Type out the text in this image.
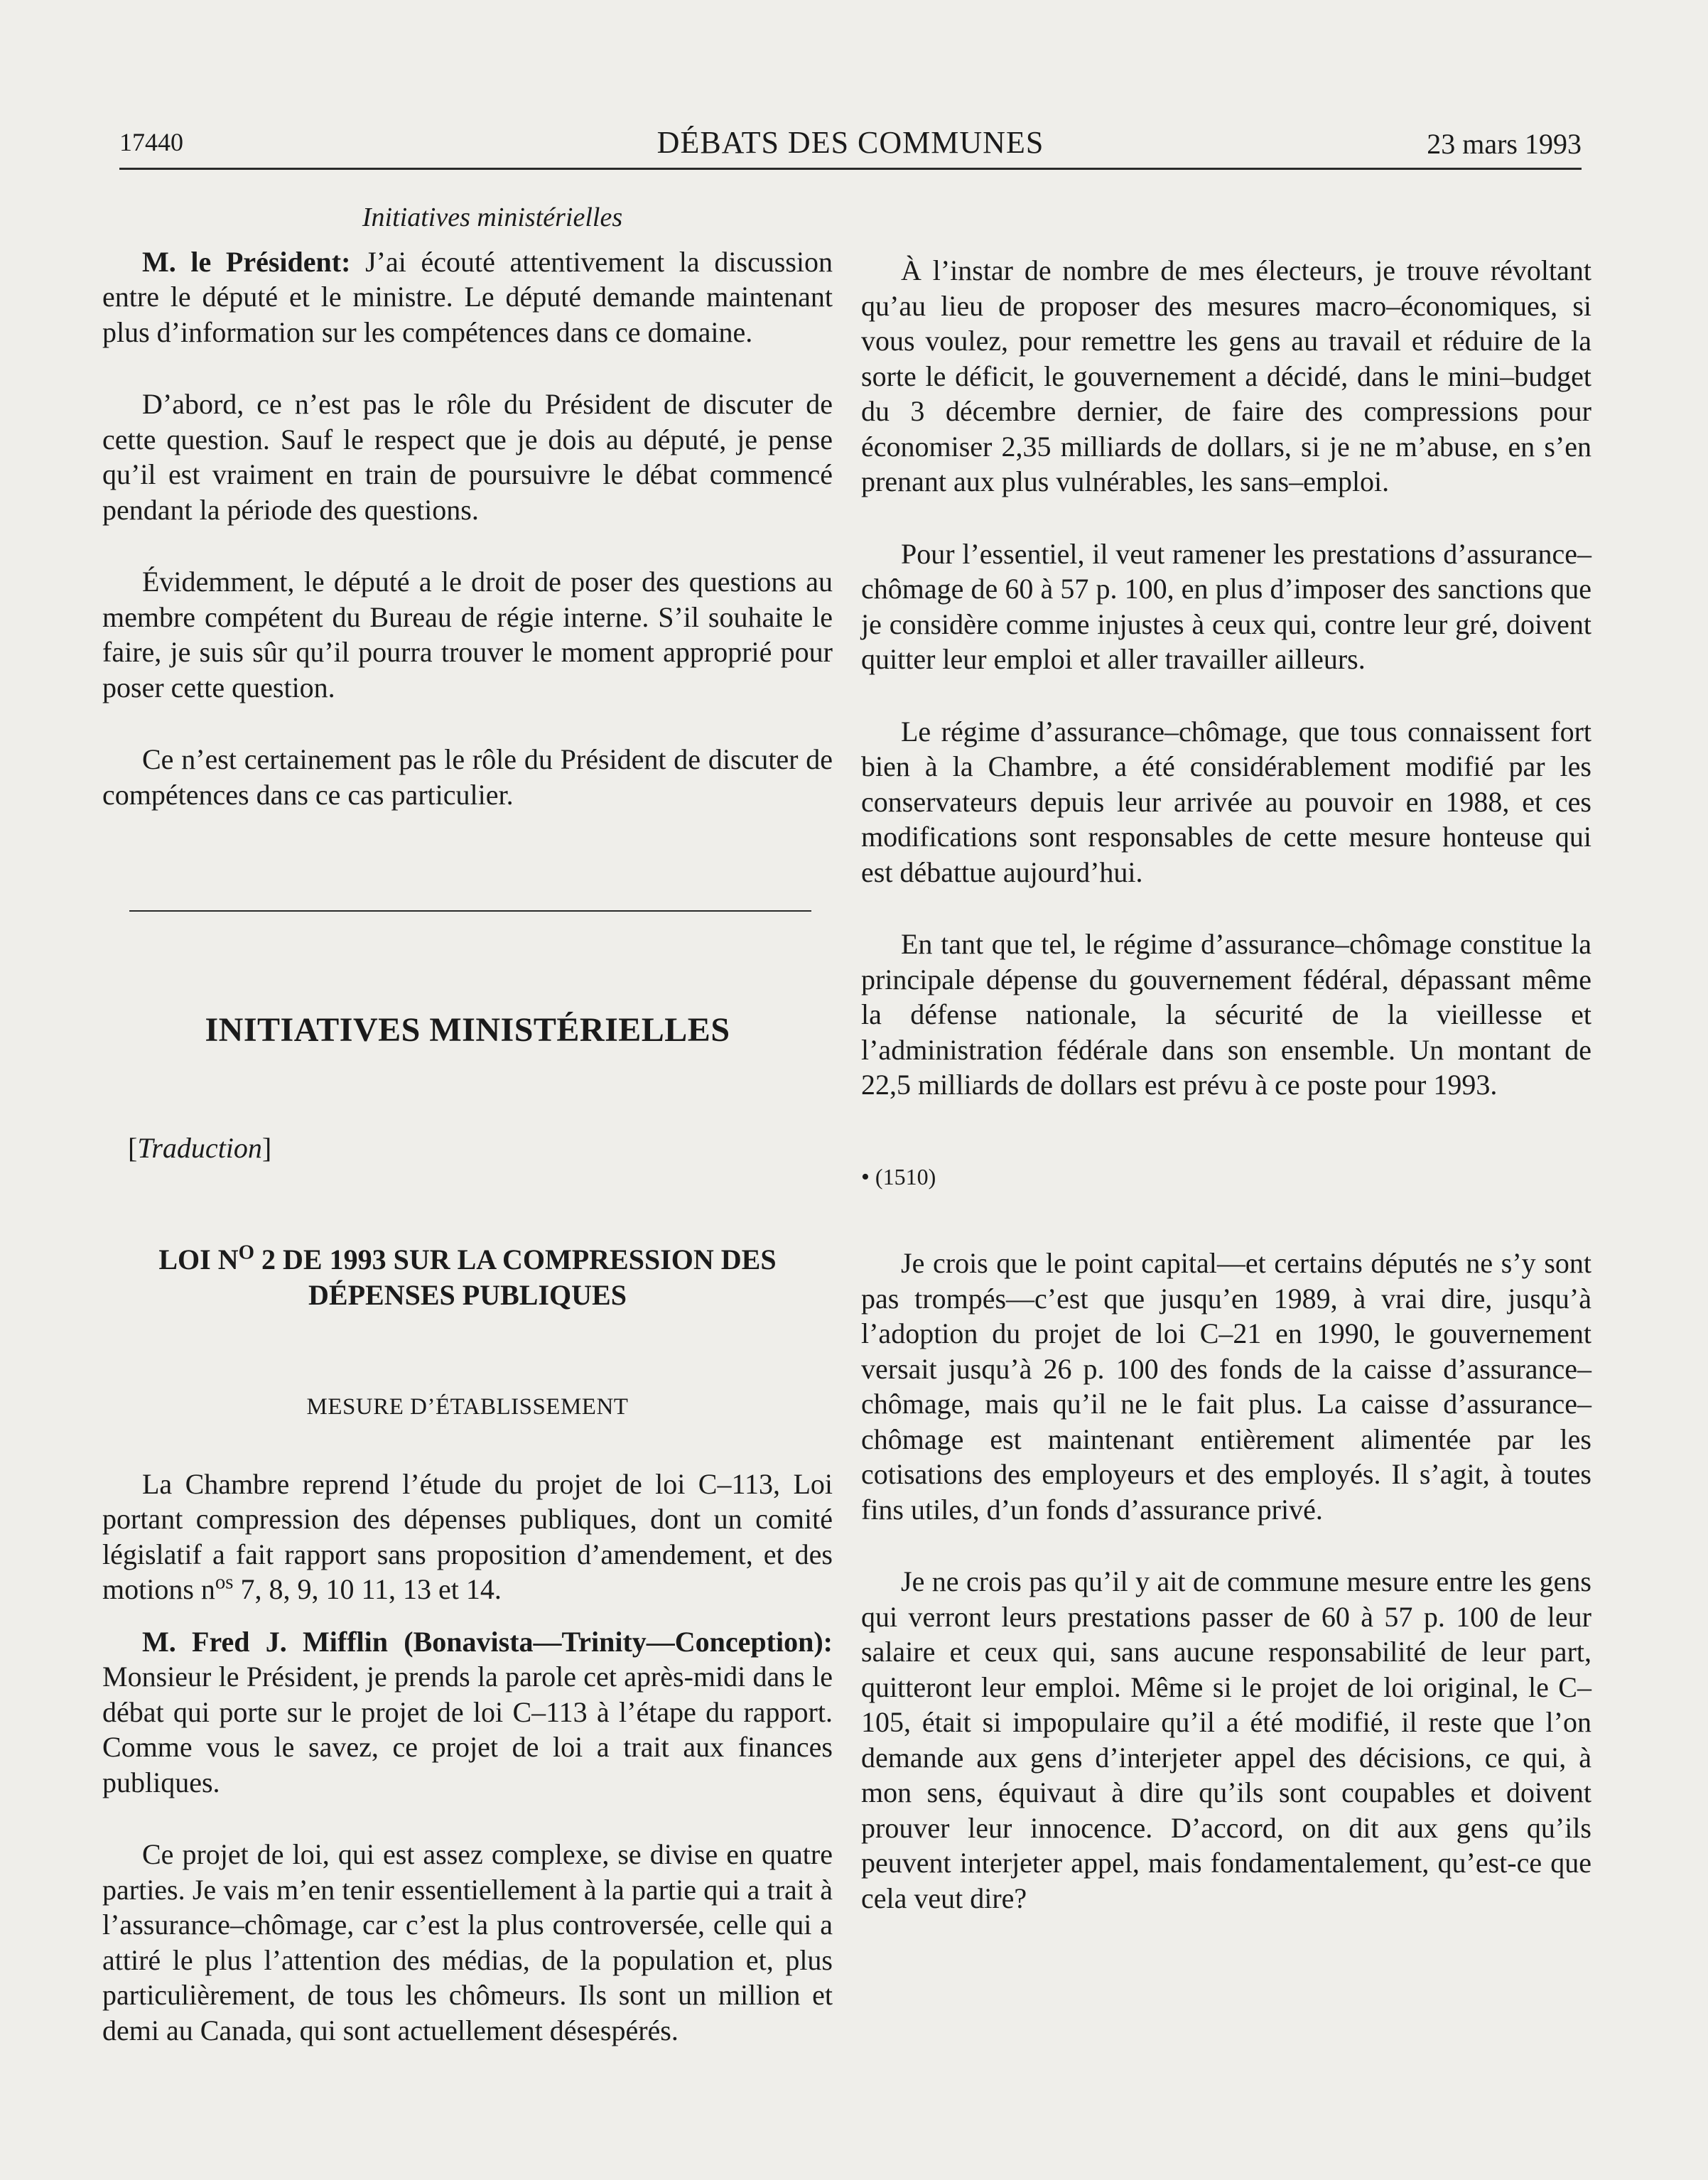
17440	DÉBATS DES COMMUNES	23 mars 1993
Initiatives ministérielles

M. le Président: J’ai écouté attentivement la discussion entre le député et le ministre. Le député demande maintenant plus d’information sur les compétences dans ce domaine.

D’abord, ce n’est pas le rôle du Président de discuter de cette question. Sauf le respect que je dois au député, je pense qu’il est vraiment en train de poursuivre le débat commencé pendant la période des questions.

Évidemment, le député a le droit de poser des questions au membre compétent du Bureau de régie interne. S’il souhaite le faire, je suis sûr qu’il pourra trouver le moment approprié pour poser cette question.

Ce n’est certainement pas le rôle du Président de discuter de compétences dans ce cas particulier.

INITIATIVES MINISTÉRIELLES
[Traduction]
LOI $N^O$ 2 DE 1993 SUR LA COMPRESSION DES
DÉPENSES PUBLIQUES
MESURE D’ÉTABLISSEMENT

La Chambre reprend l’étude du projet de loi C–113, Loi portant compression des dépenses publiques, dont un comité législatif a fait rapport sans proposition d’amendement, et des motions $n^{os}$ 7, 8, 9, 10 11, 13 et 14.

M. Fred J. Mifflin (Bonavista—Trinity—Conception): Monsieur le Président, je prends la parole cet après-midi dans le débat qui porte sur le projet de loi C–113 à l’étape du rapport. Comme vous le savez, ce projet de loi a trait aux finances publiques.

Ce projet de loi, qui est assez complexe, se divise en quatre parties. Je vais m’en tenir essentiellement à la partie qui a trait à l’assurance–chômage, car c’est la plus controversée, celle qui a attiré le plus l’attention des médias, de la population et, plus particulièrement, de tous les chômeurs. Ils sont un million et demi au Canada, qui sont actuellement désespérés.

À l’instar de nombre de mes électeurs, je trouve révoltant qu’au lieu de proposer des mesures macro–économiques, si vous voulez, pour remettre les gens au travail et réduire de la sorte le déficit, le gouvernement a décidé, dans le mini–budget du 3 décembre dernier, de faire des compressions pour économiser 2,35 milliards de dollars, si je ne m’abuse, en s’en prenant aux plus vulnérables, les sans–emploi.

Pour l’essentiel, il veut ramener les prestations d’assurance–chômage de 60 à 57 p. 100, en plus d’imposer des sanctions que je considère comme injustes à ceux qui, contre leur gré, doivent quitter leur emploi et aller travailler ailleurs.

Le régime d’assurance–chômage, que tous connaissent fort bien à la Chambre, a été considérablement modifié par les conservateurs depuis leur arrivée au pouvoir en 1988, et ces modifications sont responsables de cette mesure honteuse qui est débattue aujourd’hui.

En tant que tel, le régime d’assurance–chômage constitue la principale dépense du gouvernement fédéral, dépassant même la défense nationale, la sécurité de la vieillesse et l’administration fédérale dans son ensemble. Un montant de 22,5 milliards de dollars est prévu à ce poste pour 1993.

• (1510)

Je crois que le point capital—et certains députés ne s’y sont pas trompés—c’est que jusqu’en 1989, à vrai dire, jusqu’à l’adoption du projet de loi C–21 en 1990, le gouvernement versait jusqu’à 26 p. 100 des fonds de la caisse d’assurance–chômage, mais qu’il ne le fait plus. La caisse d’assurance–chômage est maintenant entièrement alimentée par les cotisations des employeurs et des employés. Il s’agit, à toutes fins utiles, d’un fonds d’assurance privé.

Je ne crois pas qu’il y ait de commune mesure entre les gens qui verront leurs prestations passer de 60 à 57 p. 100 de leur salaire et ceux qui, sans aucune responsabilité de leur part, quitteront leur emploi. Même si le projet de loi original, le C–105, était si impopulaire qu’il a été modifié, il reste que l’on demande aux gens d’interjeter appel des décisions, ce qui, à mon sens, équivaut à dire qu’ils sont coupables et doivent prouver leur innocence. D’accord, on dit aux gens qu’ils peuvent interjeter appel, mais fondamentalement, qu’est-ce que cela veut dire?
